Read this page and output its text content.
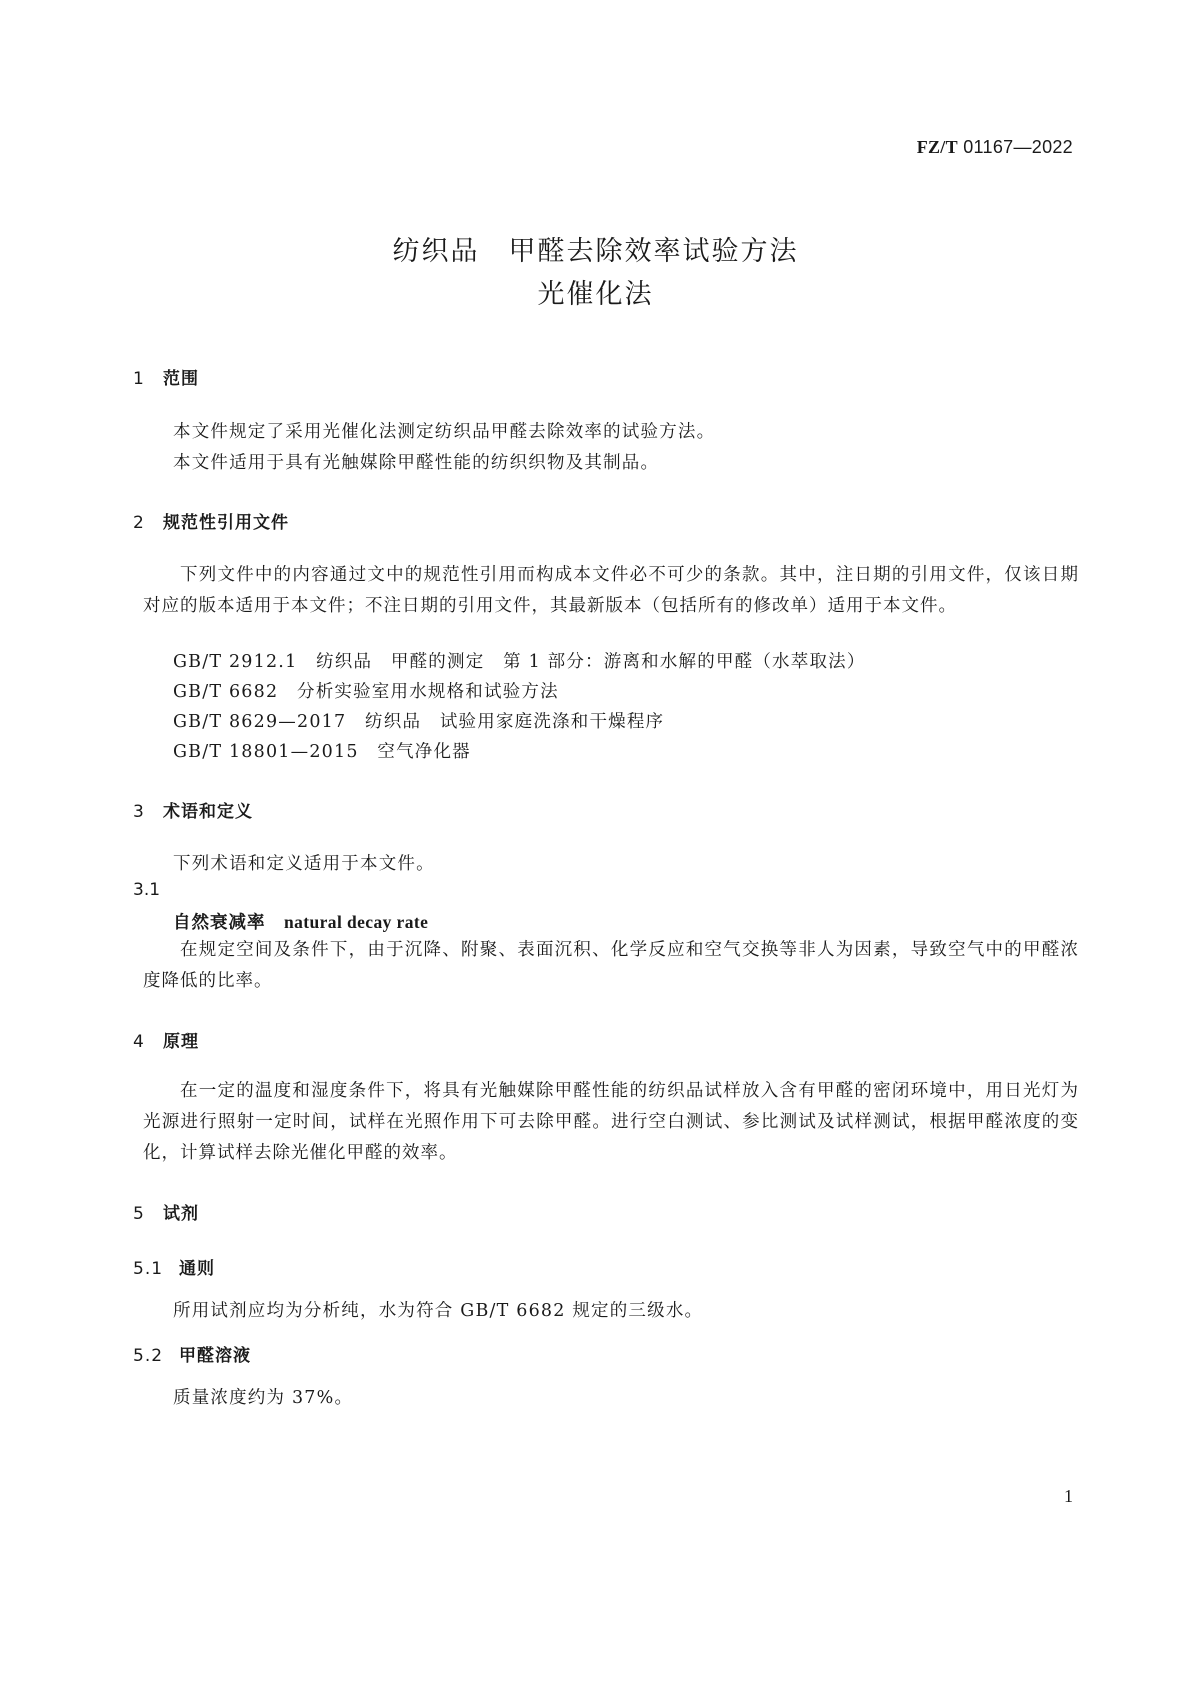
FZ/T 01167—2022
纺织品　甲醛去除效率试验方法
光催化法
1 范围
本文件规定了采用光催化法测定纺织品甲醛去除效率的试验方法。
本文件适用于具有光触媒除甲醛性能的纺织织物及其制品。
2 规范性引用文件
下列文件中的内容通过文中的规范性引用而构成本文件必不可少的条款。其中，注日期的引用文件，仅该日期对应的版本适用于本文件；不注日期的引用文件，其最新版本（包括所有的修改单）适用于本文件。
GB/T 2912.1　纺织品　甲醛的测定　第 1 部分：游离和水解的甲醛（水萃取法）
GB/T 6682　分析实验室用水规格和试验方法
GB/T 8629—2017　纺织品　试验用家庭洗涤和干燥程序
GB/T 18801—2015　空气净化器
3 术语和定义
下列术语和定义适用于本文件。
3.1
自然衰减率　 natural decay rate
在规定空间及条件下，由于沉降、附聚、表面沉积、化学反应和空气交换等非人为因素，导致空气中的甲醛浓度降低的比率。
4 原理
在一定的温度和湿度条件下，将具有光触媒除甲醛性能的纺织品试样放入含有甲醛的密闭环境中，用日光灯为光源进行照射一定时间，试样在光照作用下可去除甲醛。进行空白测试、参比测试及试样测试，根据甲醛浓度的变化，计算试样去除光催化甲醛的效率。
5 试剂
5.1 通则
所用试剂应均为分析纯，水为符合 GB/T 6682 规定的三级水。
5.2 甲醛溶液
质量浓度约为 37%。
1
